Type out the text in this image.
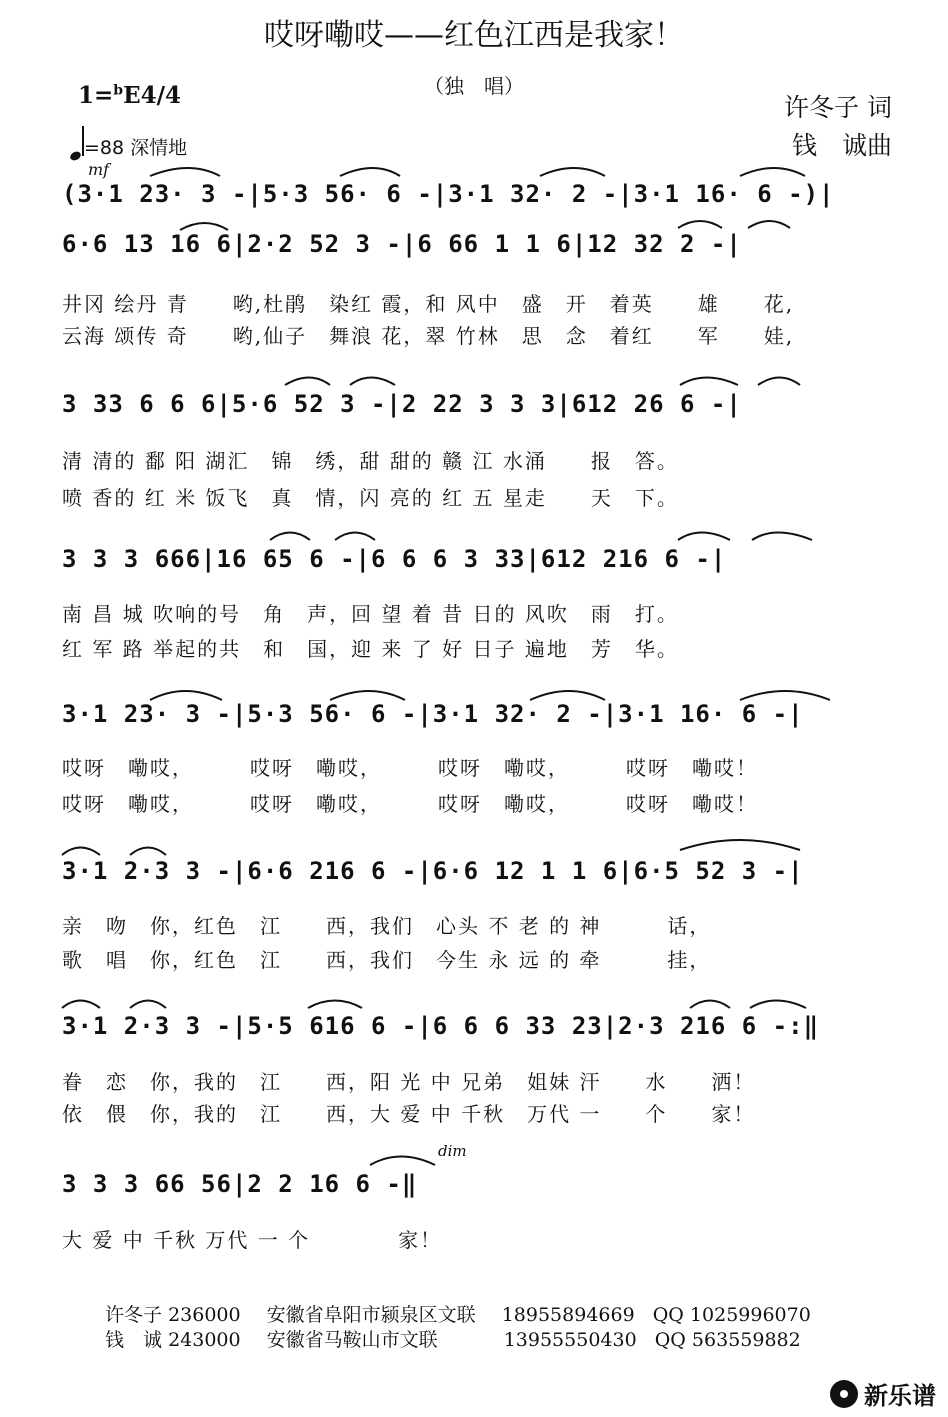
哎呀嘞哎——红色江西是我家！
（独　唱）
1=$^b$E4/4
=88 深情地
mf
许冬子 词
钱　诚曲
(3·1 23· 3 -|5·3 56· 6 -|3·1 32· 2 -|3·1 16· 6 -)|
6·6 13 16 6|2·2 52 3 -|6 66 1 1 6|12 32 2 -|
井冈 绘丹 青　　哟,杜鹃　染红 霞，和 风中　盛　开　着英　　雄　　花,
云海 颂传 奇　　哟,仙子　舞浪 花，翠 竹林　思　念　着红　　军　　娃,
3 33 6 6 6|5·6 52 3 -|2 22 3 3 3|612 26 6 -|
清 清的 鄱 阳 湖汇　锦　绣，甜 甜的 赣 江 水涌　　报　答。
喷 香的 红 米 饭飞　真　情，闪 亮的 红 五 星走　　天　下。
3 3 3 666|16 65 6 -|6 6 6 3 33|612 216 6 -|
南 昌 城 吹响的号　角　声，回 望 着 昔 日的 风吹　雨　打。
红 军 路 举起的共　和　国，迎 来 了 好 日子 遍地　芳　华。
3·1 23· 3 -|5·3 56· 6 -|3·1 32· 2 -|3·1 16· 6 -|
哎呀　嘞哎，　　　哎呀　嘞哎，　　　哎呀　嘞哎，　　　哎呀　嘞哎！
哎呀　嘞哎，　　　哎呀　嘞哎，　　　哎呀　嘞哎，　　　哎呀　嘞哎！
3·1 2·3 3 -|6·6 216 6 -|6·6 12 1 1 6|6·5 52 3 -|
亲　吻　你，红色　江　　西，我们　心头 不 老 的 神　　　话，
歌　唱　你，红色　江　　西，我们　今生 永 远 的 牵　　　挂，
3·1 2·3 3 -|5·5 616 6 -|6 6 6 33 23|2·3 216 6 -:‖
眷　恋　你，我的　江　　西，阳 光 中 兄弟　姐妹 汗　　水　　洒！
依　偎　你，我的　江　　西，大 爱 中 千秋　万代 一　　个　　家！
dim
3 3 3 66 56|2 2 16 6 -‖
大 爱 中 千秋 万代 一 个　　　　家！
许冬子 236000 安徽省阜阳市颍泉区文联 18955894669 QQ 1025996070
钱　诚 243000 安徽省马鞍山市文联	13955550430 QQ 563559882
新乐谱
